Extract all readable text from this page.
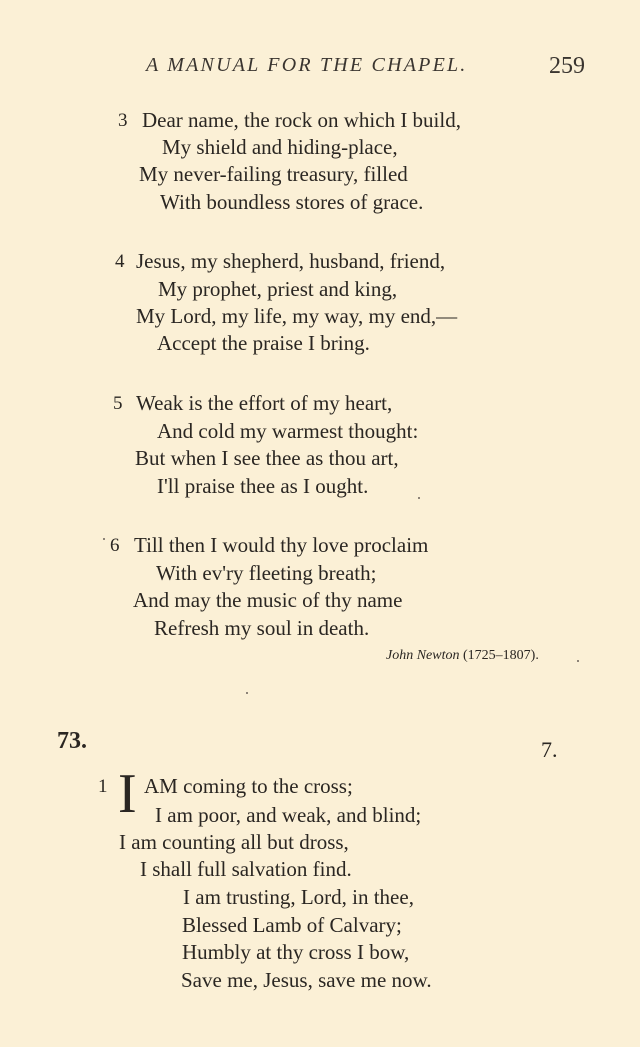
A MANUAL FOR THE CHAPEL.	259
3 Dear name, the rock on which I build,
My shield and hiding-place,
My never-failing treasury, filled
With boundless stores of grace.
4 Jesus, my shepherd, husband, friend,
My prophet, priest and king,
My Lord, my life, my way, my end,—
Accept the praise I bring.
5 Weak is the effort of my heart,
And cold my warmest thought:
But when I see thee as thou art,
I'll praise thee as I ought.
6 Till then I would thy love proclaim
With ev'ry fleeting breath;
And may the music of thy name
Refresh my soul in death.
John Newton (1725–1807).
73.	7.
1 I AM coming to the cross;
I am poor, and weak, and blind;
I am counting all but dross,
I shall full salvation find.
I am trusting, Lord, in thee,
Blessed Lamb of Calvary;
Humbly at thy cross I bow,
Save me, Jesus, save me now.
